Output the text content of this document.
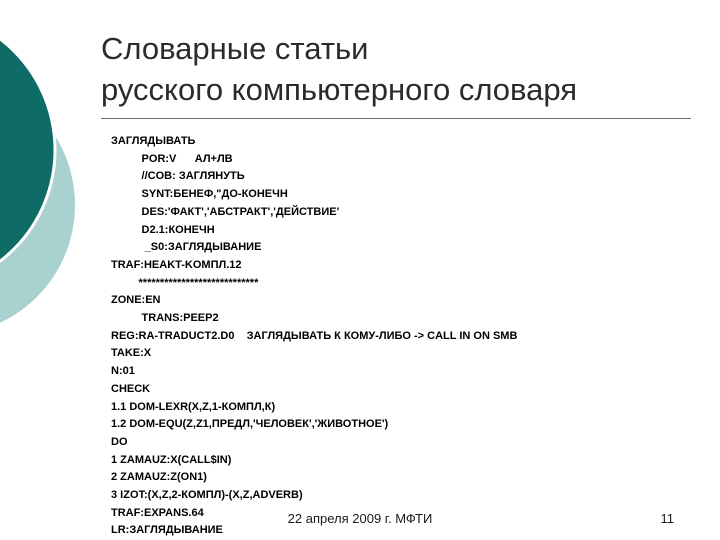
Словарные статьи
русского компьютерного словаря
ЗАГЛЯДЫВАТЬ
POR:V      АЛ+ЛВ
//COB: ЗАГЛЯНУТЬ
SYNT:БЕНЕФ,"ДО-КОНЕЧН
DES:'ФАКТ','АБСТРАКТ','ДЕЙСТВИЕ'
D2.1:КОНЕЧН
_S0:ЗАГЛЯДЫВАНИЕ
TRAF:HEAKT-KOMПЛ.12
****************************
ZONE:EN
TRANS:PEEP2
REG:RA-TRADUCT2.D0    ЗАГЛЯДЫВАТЬ К КОМУ-ЛИБО -> CALL IN ON SMB
TAKE:X
N:01
CHECK
1.1 DOM-LEXR(X,Z,1-КОМПЛ,К)
1.2 DOM-EQU(Z,Z1,ПРЕДЛ,'ЧЕЛОВЕК','ЖИВОТНОЕ')
DO
1 ZAMAUZ:X(CALL$IN)
2 ZAMAUZ:Z(ON1)
3 IZOT:(X,Z,2-КОМПЛ)-(X,Z,ADVERB)
TRAF:EXPANS.64
LR:ЗАГЛЯДЫВАНИЕ
22 апреля 2009 г. МФТИ	11
